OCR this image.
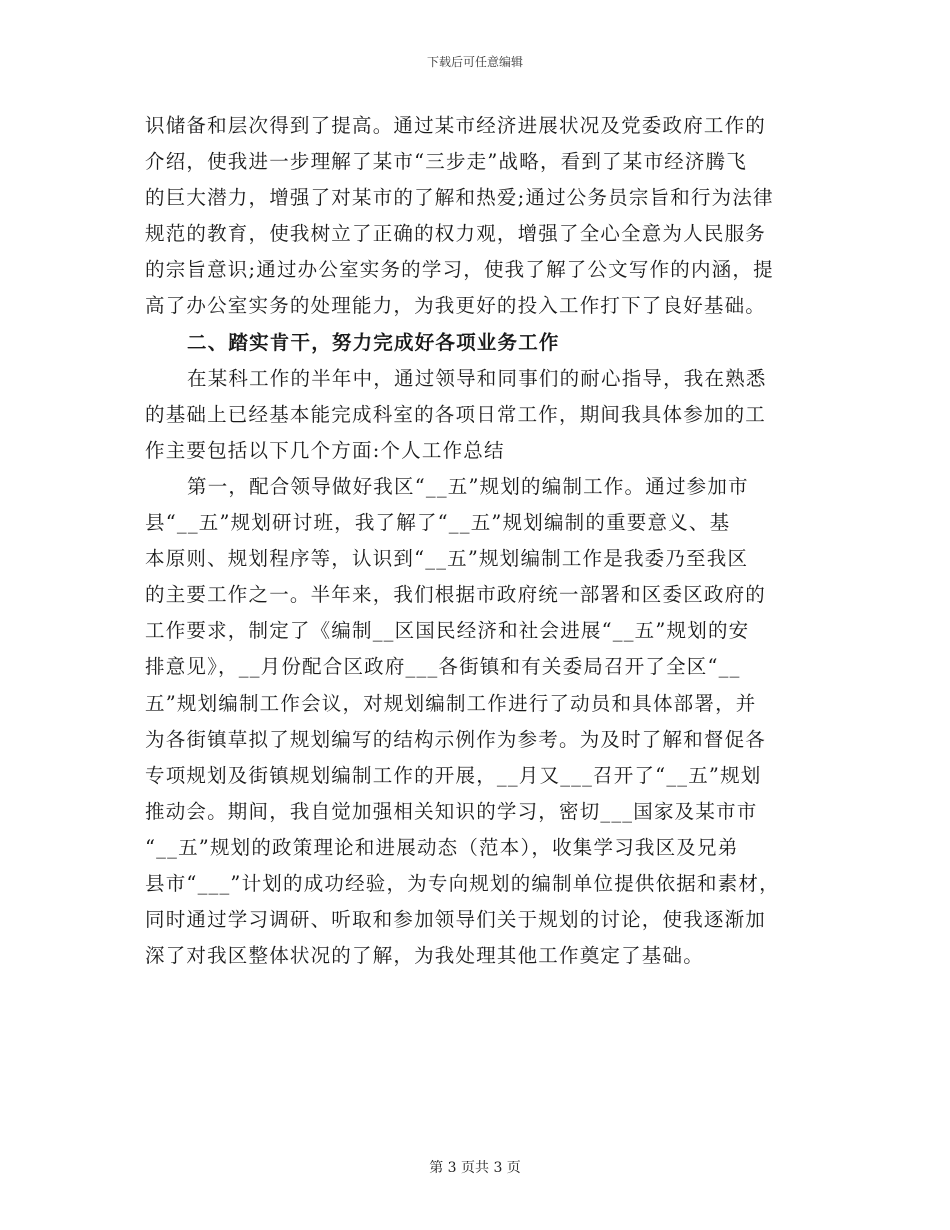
下载后可任意编辑
识储备和层次得到了提高。通过某市经济进展状况及党委政府工作的
介绍，使我进一步理解了某市“三步走”战略，看到了某市经济腾飞
的巨大潜力，增强了对某市的了解和热爱;通过公务员宗旨和行为法律
规范的教育，使我树立了正确的权力观，增强了全心全意为人民服务
的宗旨意识;通过办公室实务的学习，使我了解了公文写作的内涵，提
高了办公室实务的处理能力，为我更好的投入工作打下了良好基础。
二、踏实肯干，努力完成好各项业务工作
在某科工作的半年中，通过领导和同事们的耐心指导，我在熟悉
的基础上已经基本能完成科室的各项日常工作，期间我具体参加的工
作主要包括以下几个方面:个人工作总结
第一，配合领导做好我区“__五”规划的编制工作。通过参加市
县“__五”规划研讨班，我了解了“__五”规划编制的重要意义、基
本原则、规划程序等，认识到“__五”规划编制工作是我委乃至我区
的主要工作之一。半年来，我们根据市政府统一部署和区委区政府的
工作要求，制定了《编制__区国民经济和社会进展“__五”规划的安
排意见》，__月份配合区政府___各街镇和有关委局召开了全区“__
五”规划编制工作会议，对规划编制工作进行了动员和具体部署，并
为各街镇草拟了规划编写的结构示例作为参考。为及时了解和督促各
专项规划及街镇规划编制工作的开展，__月又___召开了“__五”规划
推动会。期间，我自觉加强相关知识的学习，密切___国家及某市市
“__五”规划的政策理论和进展动态（范本），收集学习我区及兄弟
县市“___”计划的成功经验，为专向规划的编制单位提供依据和素材，
同时通过学习调研、听取和参加领导们关于规划的讨论，使我逐渐加
深了对我区整体状况的了解，为我处理其他工作奠定了基础。
第 3 页共 3 页
